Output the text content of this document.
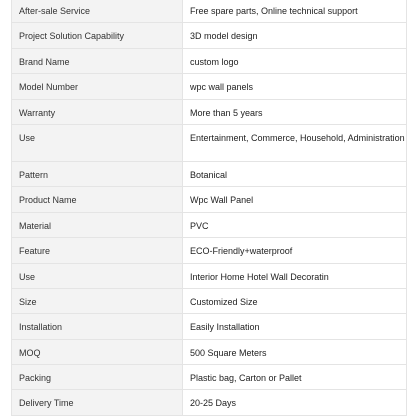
After-sale Service	Free spare parts, Online technical support
Project Solution Capability	3D model design
Brand Name	custom logo
Model Number	wpc wall panels
Warranty	More than 5 years
Use	Entertainment, Commerce, Household, Administration
Pattern	Botanical
Product Name	Wpc Wall Panel
Material	PVC
Feature	ECO-Friendly+waterproof
Use	Interior Home Hotel Wall Decoratin
Size	Customized Size
Installation	Easily Installation
MOQ	500 Square Meters
Packing	Plastic bag, Carton or Pallet
Delivery Time	20-25 Days
